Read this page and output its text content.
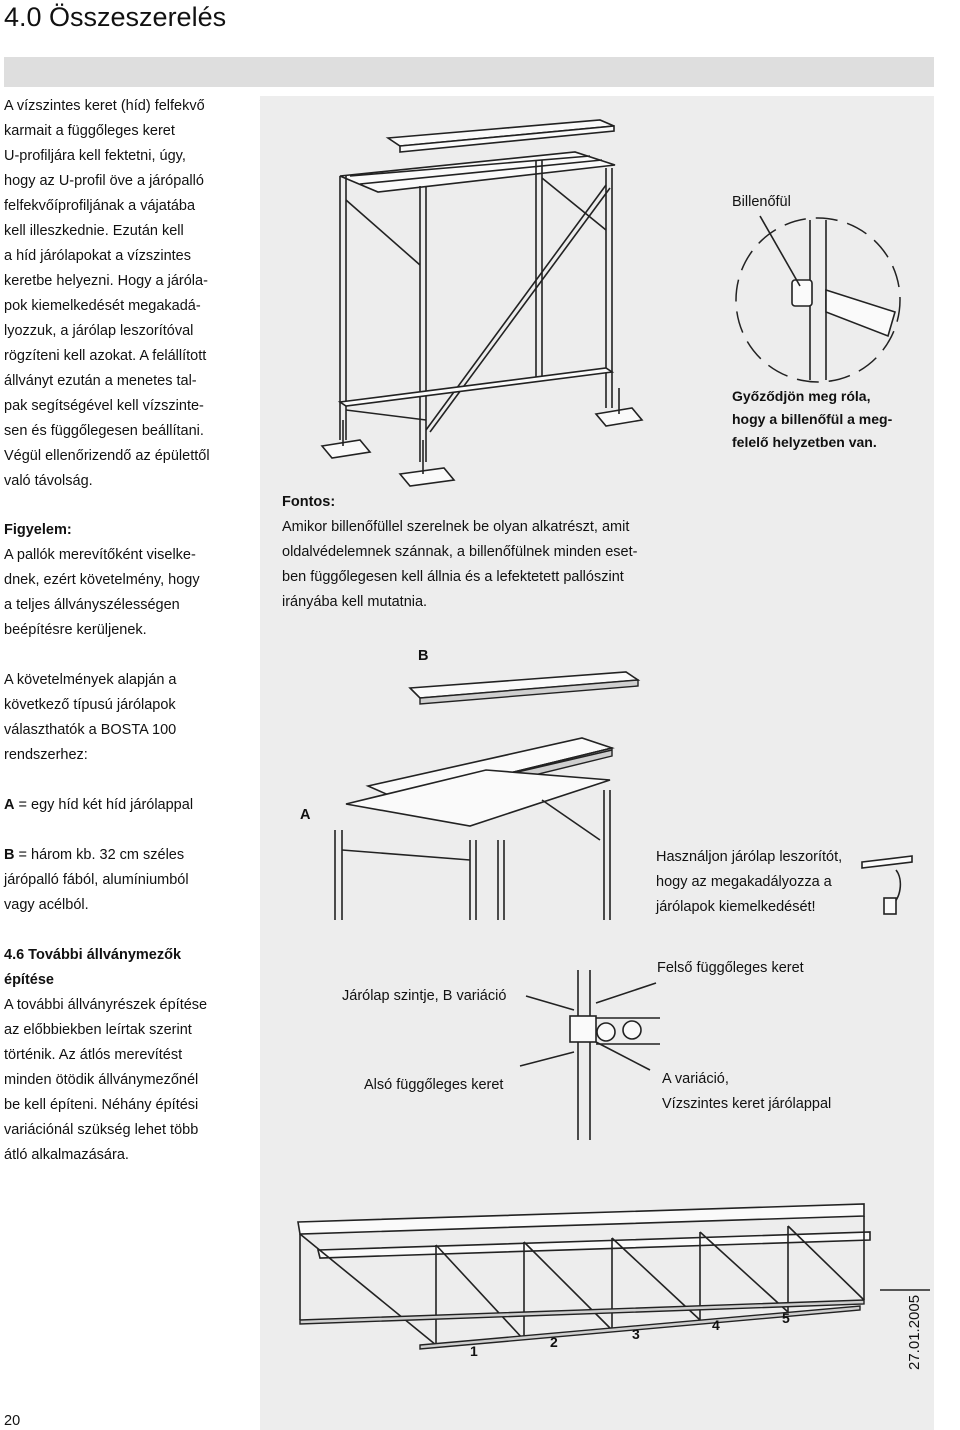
4.0 Összeszerelés
A vízszintes keret (híd) felfekvő
karmait a függőleges keret
U-profiljára kell fektetni, úgy,
hogy az U-profil öve a járópalló
felfekvőíprofiljának a vájatába
kell illeszkednie. Ezután kell
a híd járólapokat a vízszintes
keretbe helyezni. Hogy a járóla-
pok kiemelkedését megakadá-
lyozzuk, a járólap leszorítóval
rögzíteni kell azokat. A felállított
állványt ezután a menetes tal-
pak segítségével kell vízszinte-
sen és függőlegesen beállítani.
Végül ellenőrizendő az épülettől
való távolság.
Figyelem:
A pallók merevítőként viselke-
dnek, ezért követelmény, hogy
a teljes állványszélességen
beépítésre kerüljenek.
A követelmények alapján a
következő típusú járólapok
választhatók a BOSTA 100
rendszerhez:
A = egy híd két híd járólappal
B = három kb. 32 cm széles
járópalló fából, alumíniumból
vagy acélból.
4.6 További állványmezők
építése
A további állványrészek építése
az előbbiekben leírtak szerint
történik. Az átlós merevítést
minden ötödik állványmezőnél
be kell építeni. Néhány építési
variációnál szükség lehet több
átló alkalmazására.
20
27.01.2005
Billenőfül
Győződjön meg róla,
hogy a billenőfül a meg-
felelő helyzetben van.
Fontos:
Amikor billenőfüllel szerelnek be olyan alkatrészt, amit
oldalvédelemnek szánnak, a billenőfülnek minden eset-
ben függőlegesen kell állnia és a lefektetett pallószint
irányába kell mutatnia.
B
A
Használjon járólap leszorítót,
hogy az megakadályozza a
járólapok kiemelkedését!
Felső függőleges keret
Járólap szintje, B variáció
Alsó függőleges keret	A variáció,
Vízszintes keret járólappal
1
2	3
4	5
